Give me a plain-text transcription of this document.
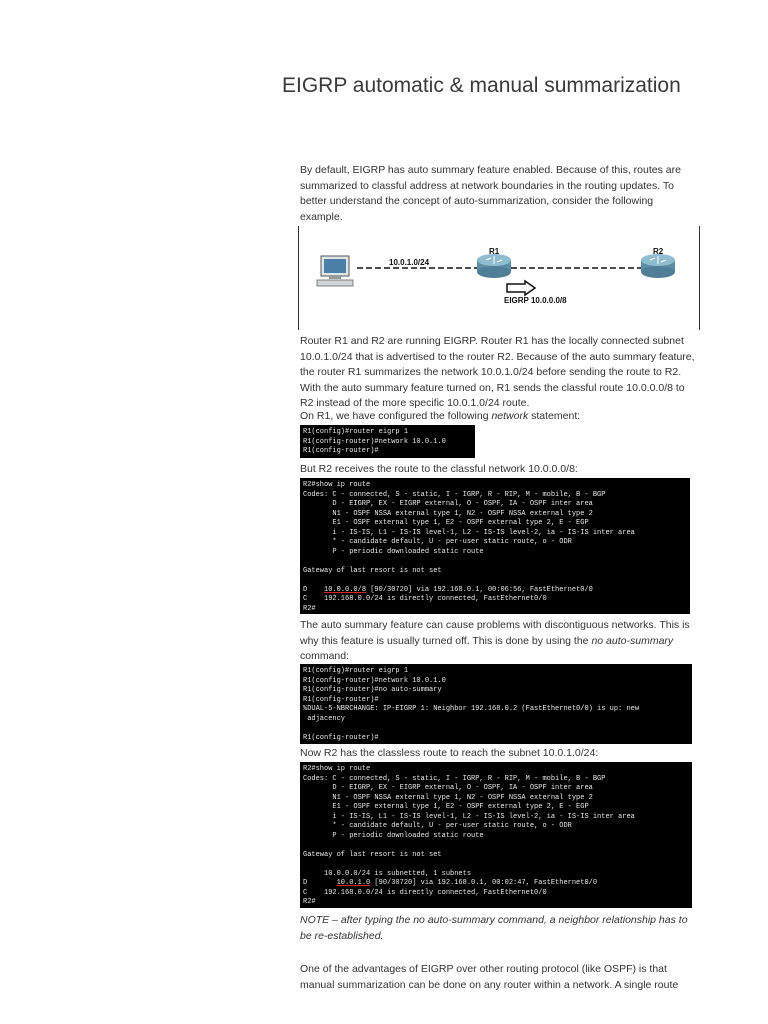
EIGRP automatic & manual summarization

By default, EIGRP has auto summary feature enabled. Because of this, routes are summarized to classful address at network boundaries in the routing updates. To better understand the concept of auto-summarization, consider the following example.

10.0.1.0/24
R1	R2
EIGRP 10.0.0.0/8

Router R1 and R2 are running EIGRP. Router R1 has the locally connected subnet 10.0.1.0/24 that is advertised to the router R2. Because of the auto summary feature, the router R1 summarizes the network 10.0.1.0/24 before sending the route to R2. With the auto summary feature turned on, R1 sends the classful route 10.0.0.0/8 to R2 instead of the more specific 10.0.1.0/24 route.

On R1, we have configured the following network statement:

R1(config)#router eigrp 1
R1(config-router)#network 10.0.1.0
R1(config-router)#

But R2 receives the route to the classful network 10.0.0.0/8:

R2#show ip route
Codes: C - connected, S - static, I - IGRP, R - RIP, M - mobile, B - BGP
D - EIGRP, EX - EIGRP external, O - OSPF, IA - OSPF inter area
N1 - OSPF NSSA external type 1, N2 - OSPF NSSA external type 2
E1 - OSPF external type 1, E2 - OSPF external type 2, E - EGP
i - IS-IS, L1 - IS-IS level-1, L2 - IS-IS level-2, ia - IS-IS inter area
* - candidate default, U - per-user static route, o - ODR
P - periodic downloaded static route

Gateway of last resort is not set

D    10.0.0.0/8 [90/30720] via 192.168.0.1, 00:06:56, FastEthernet0/0
C    192.168.0.0/24 is directly connected, FastEthernet0/0
R2#

The auto summary feature can cause problems with discontiguous networks. This is why this feature is usually turned off. This is done by using the no auto-summary command:

R1(config)#router eigrp 1
R1(config-router)#network 10.0.1.0
R1(config-router)#no auto-summary
R1(config-router)#
%DUAL-5-NBRCHANGE: IP-EIGRP 1: Neighbor 192.168.0.2 (FastEthernet0/0) is up: new
adjacency

R1(config-router)#

Now R2 has the classless route to reach the subnet 10.0.1.0/24:

R2#show ip route
Codes: C - connected, S - static, I - IGRP, R - RIP, M - mobile, B - BGP
D - EIGRP, EX - EIGRP external, O - OSPF, IA - OSPF inter area
N1 - OSPF NSSA external type 1, N2 - OSPF NSSA external type 2
E1 - OSPF external type 1, E2 - OSPF external type 2, E - EGP
i - IS-IS, L1 - IS-IS level-1, L2 - IS-IS level-2, ia - IS-IS inter area
* - candidate default, U - per-user static route, o - ODR
P - periodic downloaded static route

Gateway of last resort is not set

10.0.0.0/24 is subnetted, 1 subnets
D       10.0.1.0 [90/30720] via 192.168.0.1, 00:02:47, FastEthernet0/0
C    192.168.0.0/24 is directly connected, FastEthernet0/0
R2#

NOTE – after typing the no auto-summary command, a neighbor relationship has to be re-established.

One of the advantages of EIGRP over other routing protocol (like OSPF) is that manual summarization can be done on any router within a network. A single route
